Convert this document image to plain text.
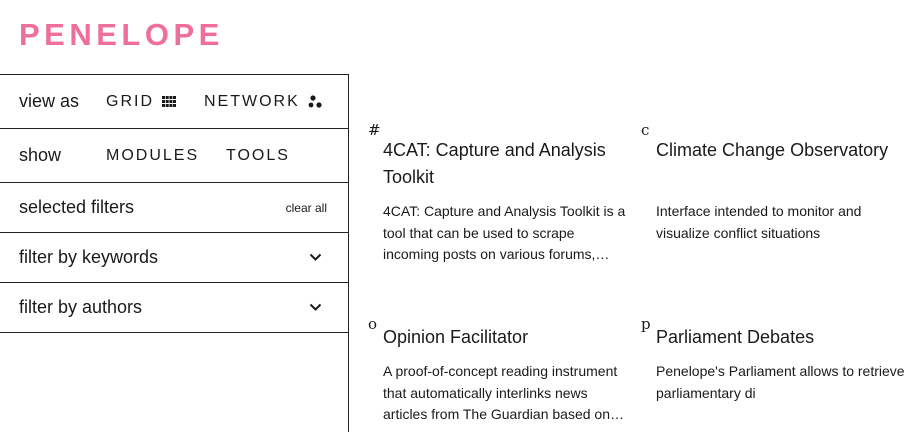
PENELOPE
view as GRID	NETWORK
show	MODULES TOOLS
selected filters	clear all
filter by keywords
filter by authors
#
4CAT: Capture and Analysis Toolkit
4CAT: Capture and Analysis Toolkit is a tool that can be used to scrape incoming posts on various forums,…
c
Climate Change Observatory
Interface intended to monitor and visualize conflict situations
o
Opinion Facilitator
A proof-of-concept reading instrument that automatically interlinks news articles from The Guardian based on…
p
Parliament Debates
Penelope's Parliament allows to retrieve parliamentary di
